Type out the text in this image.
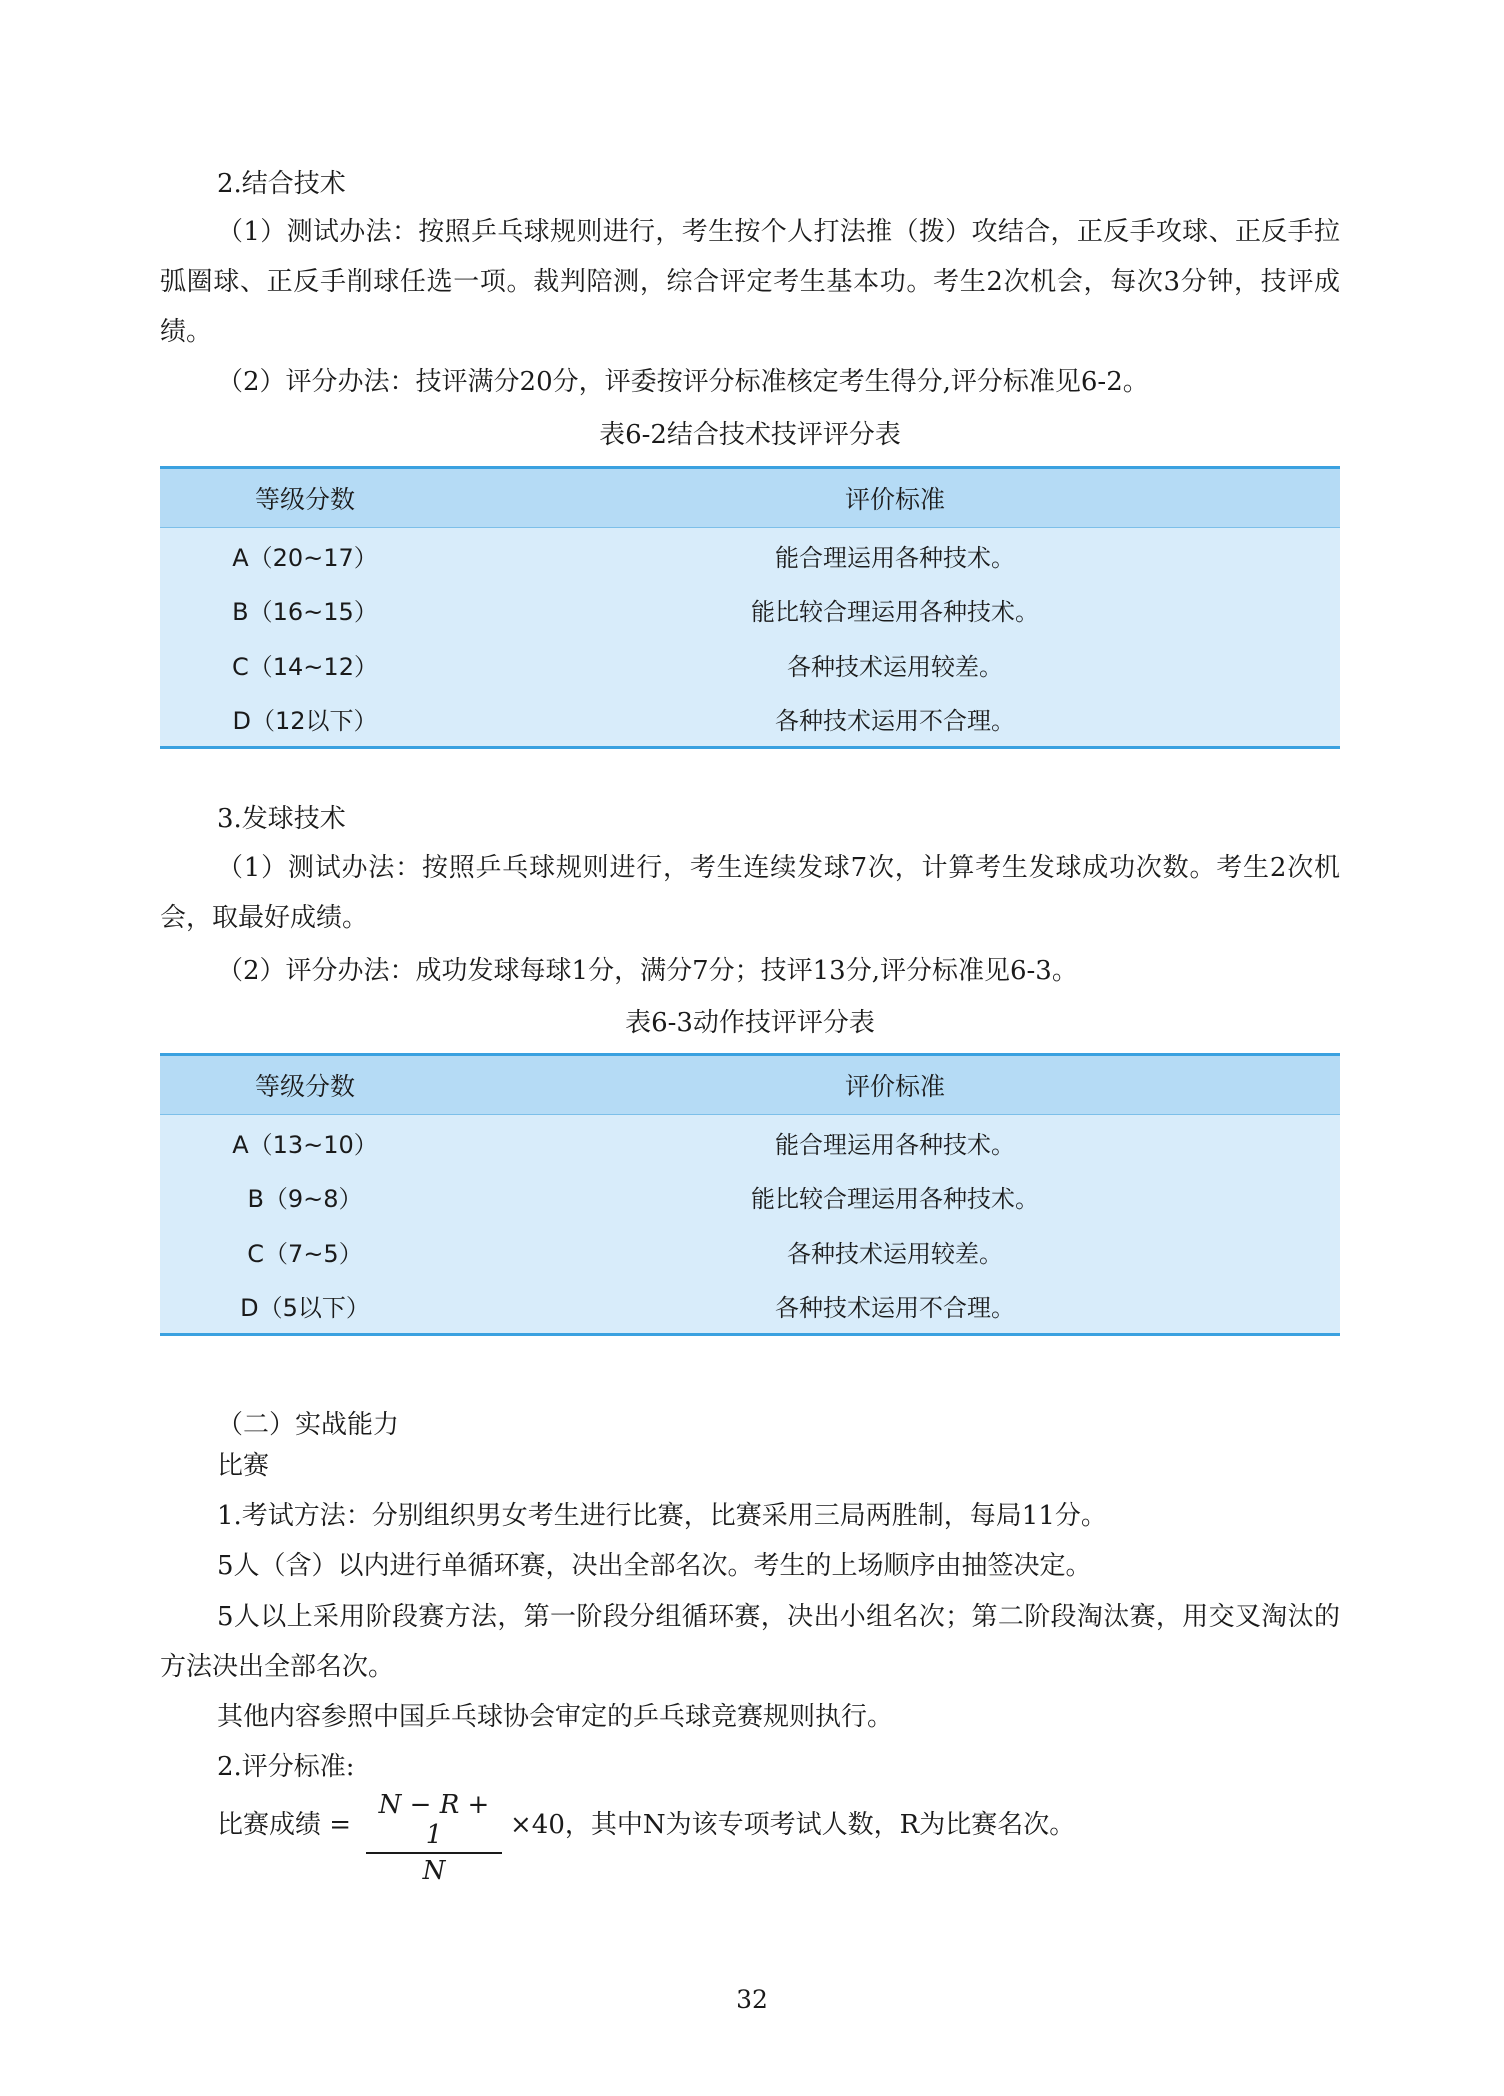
2.结合技术
（1）测试办法：按照乒乓球规则进行，考生按个人打法推（拨）攻结合，正反手攻球、正反手拉弧圈球、正反手削球任选一项。裁判陪测，综合评定考生基本功。考生2次机会，每次3分钟，技评成绩。
（2）评分办法：技评满分20分，评委按评分标准核定考生得分,评分标准见6-2。
表6-2结合技术技评评分表
等级分数	评价标准
A（20~17）	能合理运用各种技术。
B（16~15）	能比较合理运用各种技术。
C（14~12）	各种技术运用较差。
D（12以下）	各种技术运用不合理。
3.发球技术
（1）测试办法：按照乒乓球规则进行，考生连续发球7次，计算考生发球成功次数。考生2次机会，取最好成绩。
（2）评分办法：成功发球每球1分，满分7分；技评13分,评分标准见6-3。
表6-3动作技评评分表
等级分数	评价标准
A（13~10）	能合理运用各种技术。
B（9~8）	能比较合理运用各种技术。
C（7~5）	各种技术运用较差。
D（5以下）	各种技术运用不合理。
（二）实战能力
比赛
1.考试方法：分别组织男女考生进行比赛，比赛采用三局两胜制，每局11分。
5人（含）以内进行单循环赛，决出全部名次。考生的上场顺序由抽签决定。
5人以上采用阶段赛方法，第一阶段分组循环赛，决出小组名次；第二阶段淘汰赛，用交叉淘汰的方法决出全部名次。
其他内容参照中国乒乓球协会审定的乒乓球竞赛规则执行。
2.评分标准:
比赛成绩 = $\frac{N - R + 1}{N} \times 40$，其中N为该专项考试人数，R为比赛名次。
32
